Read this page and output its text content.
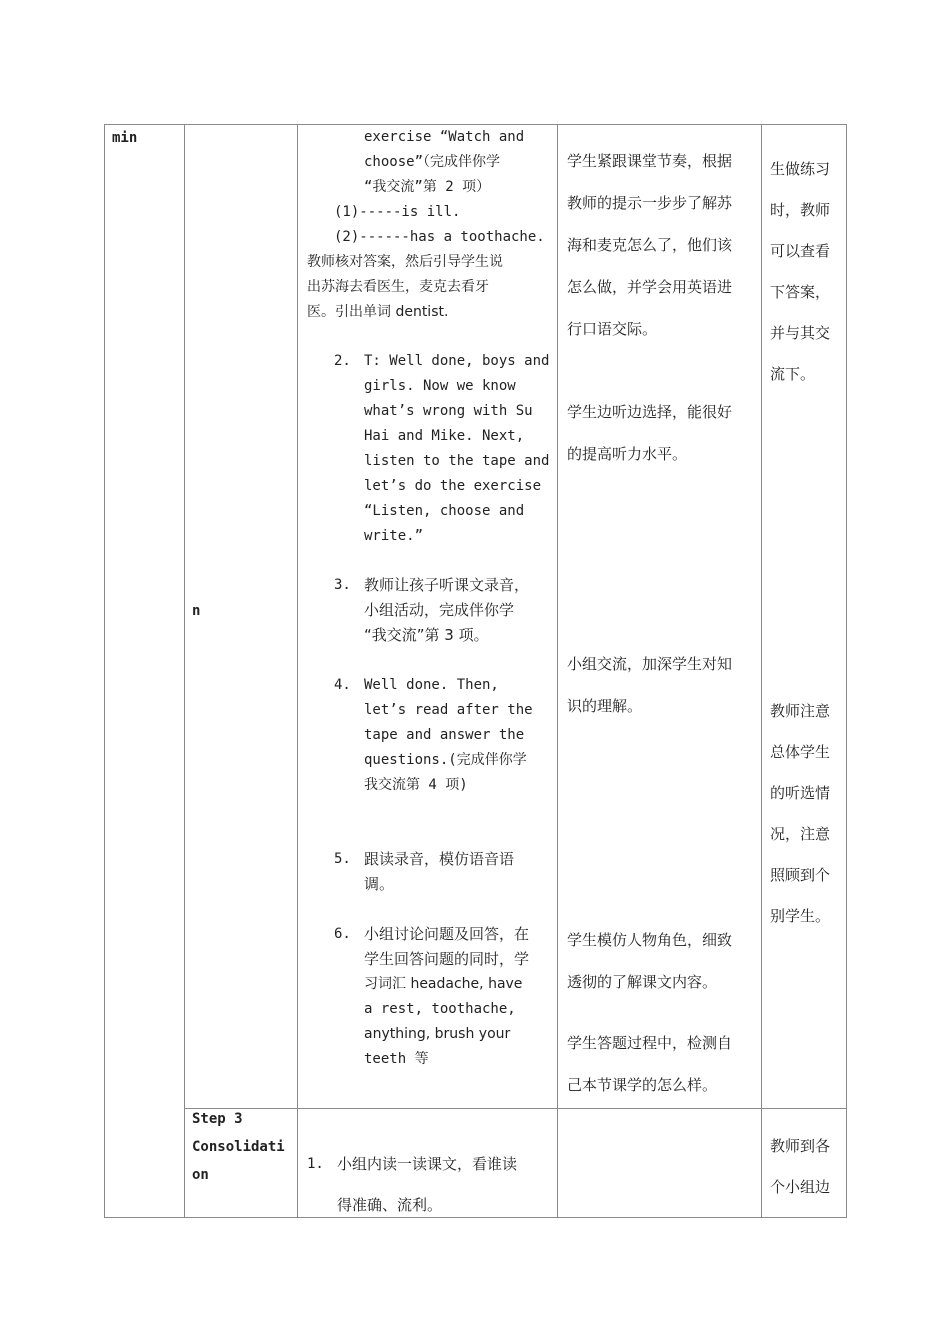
min
n
exercise “Watch and
choose”（完成伴你学
“我交流”第 2 项）
(1)-----is ill.
(2)------has a toothache.
教师核对答案，然后引导学生说
出苏海去看医生，麦克去看牙
医。引出单词 dentist.
2. T: Well done, boys and
girls. Now we know
what’s wrong with Su
Hai and Mike. Next,
listen to the tape and
let’s do the exercise
“Listen, choose and
write.”
3. 教师让孩子听课文录音，
小组活动，完成伴你学
“我交流”第 3 项。
4. Well done. Then,
let’s read after the
tape and answer the
questions.(完成伴你学
我交流第 4 项)
5. 跟读录音，模仿语音语
调。
6. 小组讨论问题及回答，在
学生回答问题的同时，学
习词汇 headache, have
a rest, toothache,
anything, brush your
teeth 等
学生紧跟课堂节奏，根据
教师的提示一步步了解苏
海和麦克怎么了，他们该
怎么做，并学会用英语进
行口语交际。
学生边听边选择，能很好
的提高听力水平。
小组交流，加深学生对知
识的理解。
学生模仿人物角色，细致
透彻的了解课文内容。
学生答题过程中，检测自
己本节课学的怎么样。
生做练习
时，教师
可以查看
下答案，
并与其交
流下。
教师注意
总体学生
的听选情
况，注意
照顾到个
别学生。
Step 3
Consolidati
on
1. 小组内读一读课文，看谁读
得准确、流利。
教师到各
个小组边
